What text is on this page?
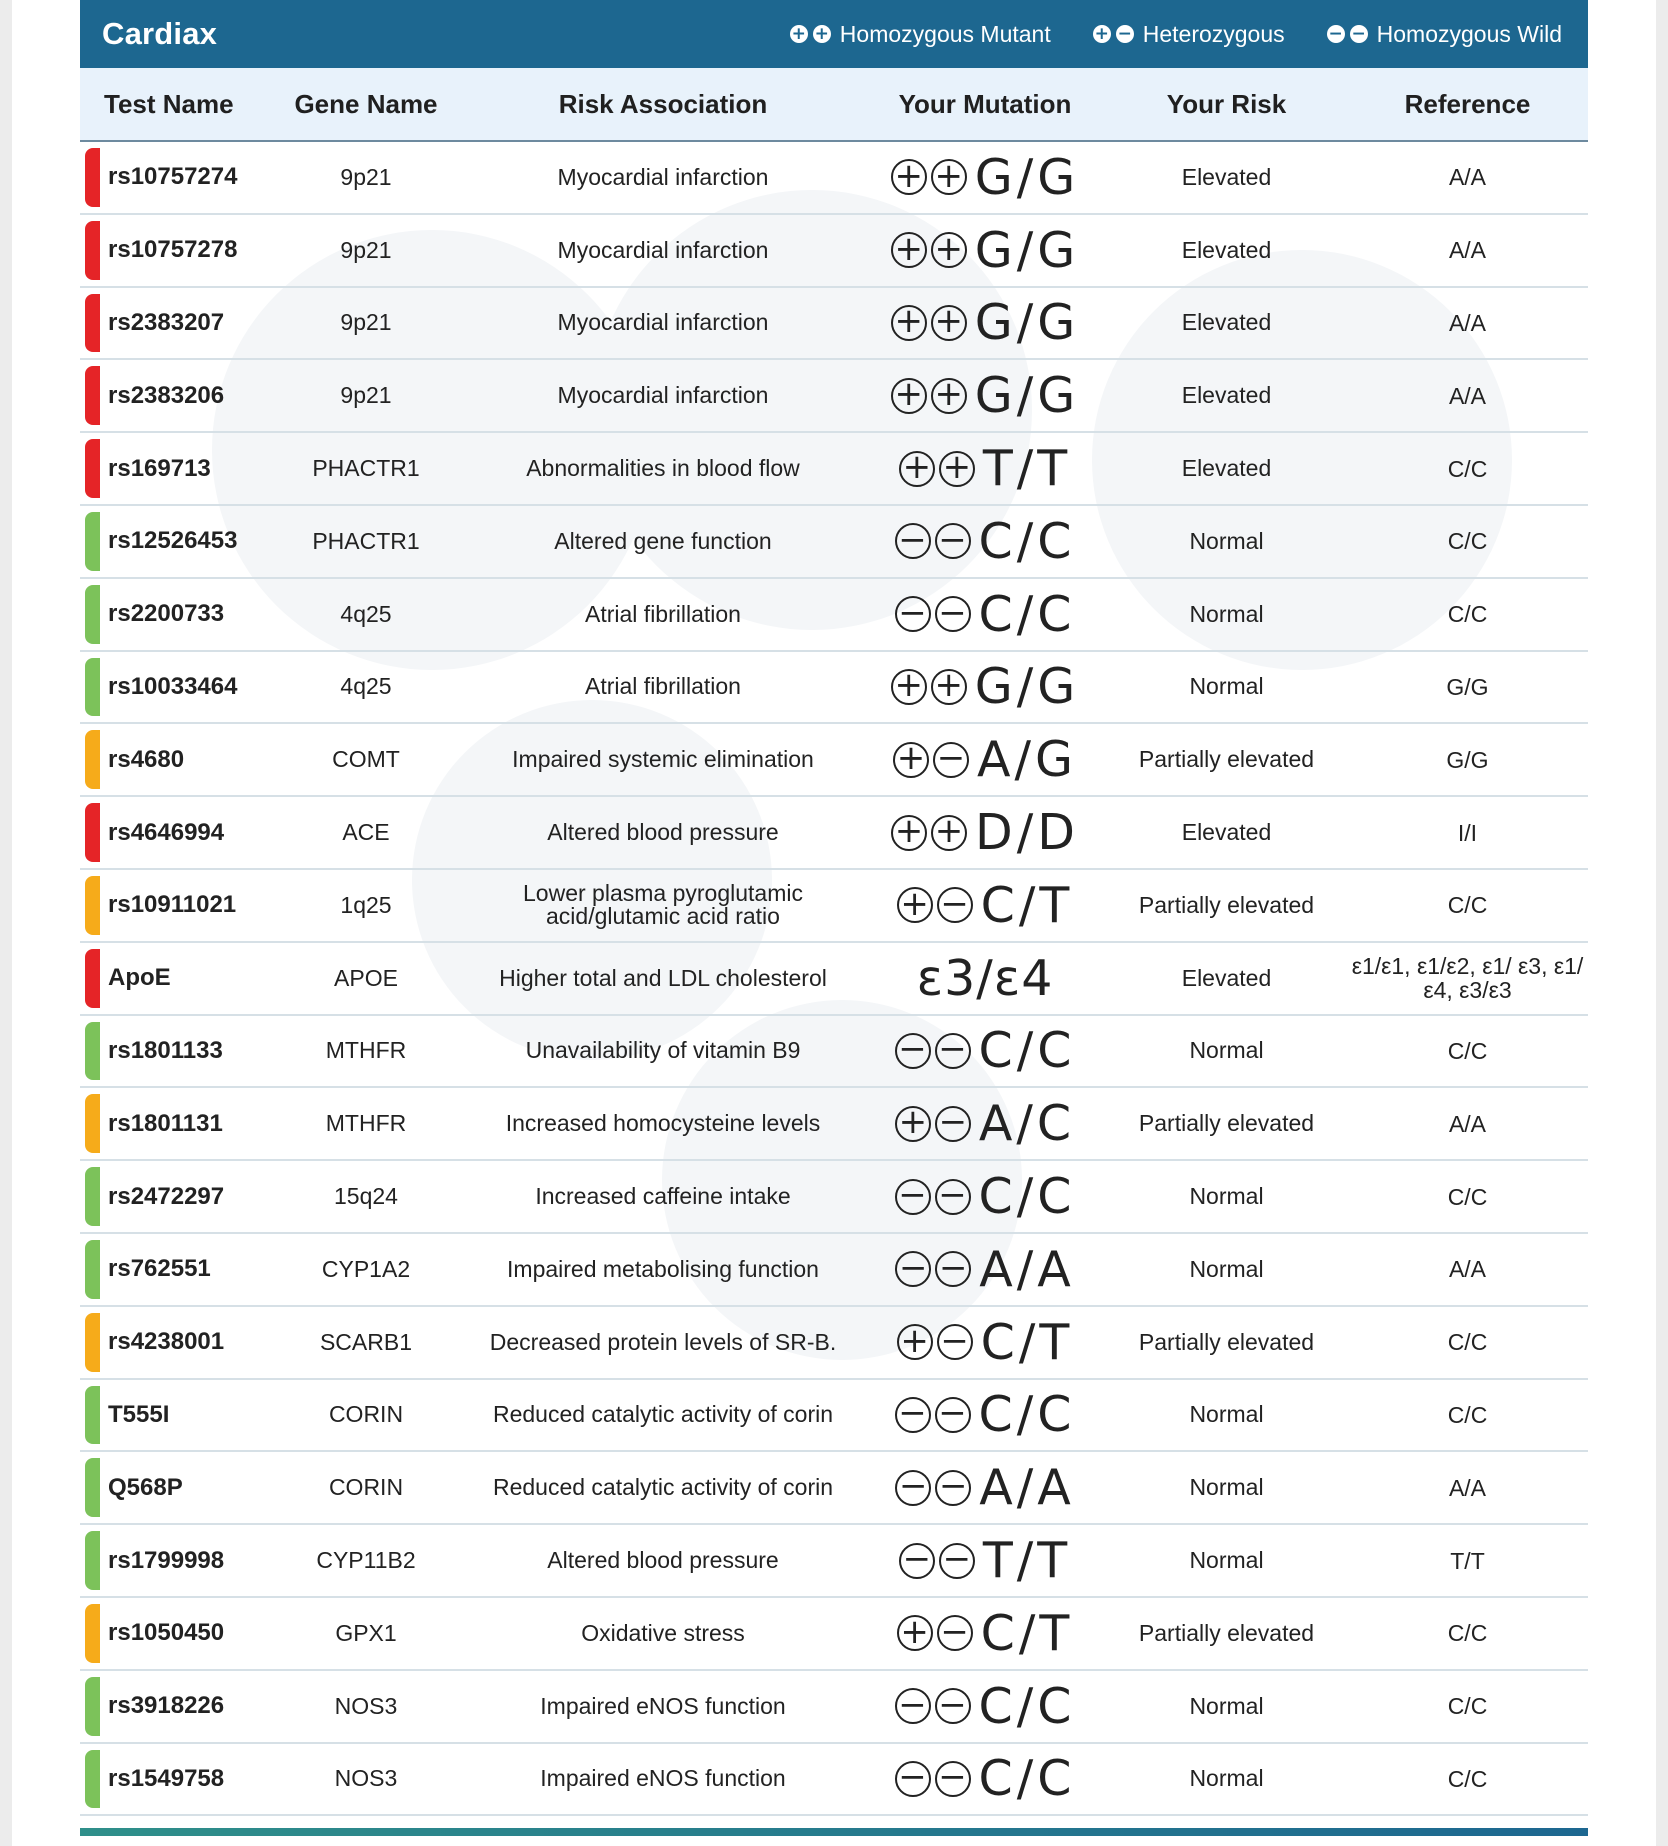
Cardiax	+ + Homozygous Mutant	+ − Heterozygous	− − Homozygous Wild
Test Name	Gene Name	Risk Association	Your Mutation	Your Risk	Reference
rs10757274	9p21	Myocardial infarction	+ + G/G	Elevated	A/A
rs10757278	9p21	Myocardial infarction	+ + G/G	Elevated	A/A
rs2383207	9p21	Myocardial infarction	+ + G/G	Elevated	A/A
rs2383206	9p21	Myocardial infarction	+ + G/G	Elevated	A/A
rs169713	PHACTR1	Abnormalities in blood flow	+ + T/T	Elevated	C/C
rs12526453	PHACTR1	Altered gene function	− − C/C	Normal	C/C
rs2200733	4q25	Atrial fibrillation	− − C/C	Normal	C/C
rs10033464	4q25	Atrial fibrillation	+ + G/G	Normal	G/G
rs4680	COMT	Impaired systemic elimination	+ − A/G	Partially elevated	G/G
rs4646994	ACE	Altered blood pressure	+ + D/D	Elevated	I/I
rs10911021	1q25	Lower plasma pyroglutamic acid/glutamic acid ratio	+ − C/T	Partially elevated	C/C
ApoE	APOE	Higher total and LDL cholesterol	ε3/ε4	Elevated	ε1/ε1, ε1/ε2, ε1/ ε3, ε1/ε4, ε3/ε3
rs1801133	MTHFR	Unavailability of vitamin B9	− − C/C	Normal	C/C
rs1801131	MTHFR	Increased homocysteine levels	+ − A/C	Partially elevated	A/A
rs2472297	15q24	Increased caffeine intake	− − C/C	Normal	C/C
rs762551	CYP1A2	Impaired metabolising function	− − A/A	Normal	A/A
rs4238001	SCARB1	Decreased protein levels of SR-B.	+ − C/T	Partially elevated	C/C
T555I	CORIN	Reduced catalytic activity of corin	− − C/C	Normal	C/C
Q568P	CORIN	Reduced catalytic activity of corin	− − A/A	Normal	A/A
rs1799998	CYP11B2	Altered blood pressure	− − T/T	Normal	T/T
rs1050450	GPX1	Oxidative stress	+ − C/T	Partially elevated	C/C
rs3918226	NOS3	Impaired eNOS function	− − C/C	Normal	C/C
rs1549758	NOS3	Impaired eNOS function	− − C/C	Normal	C/C
